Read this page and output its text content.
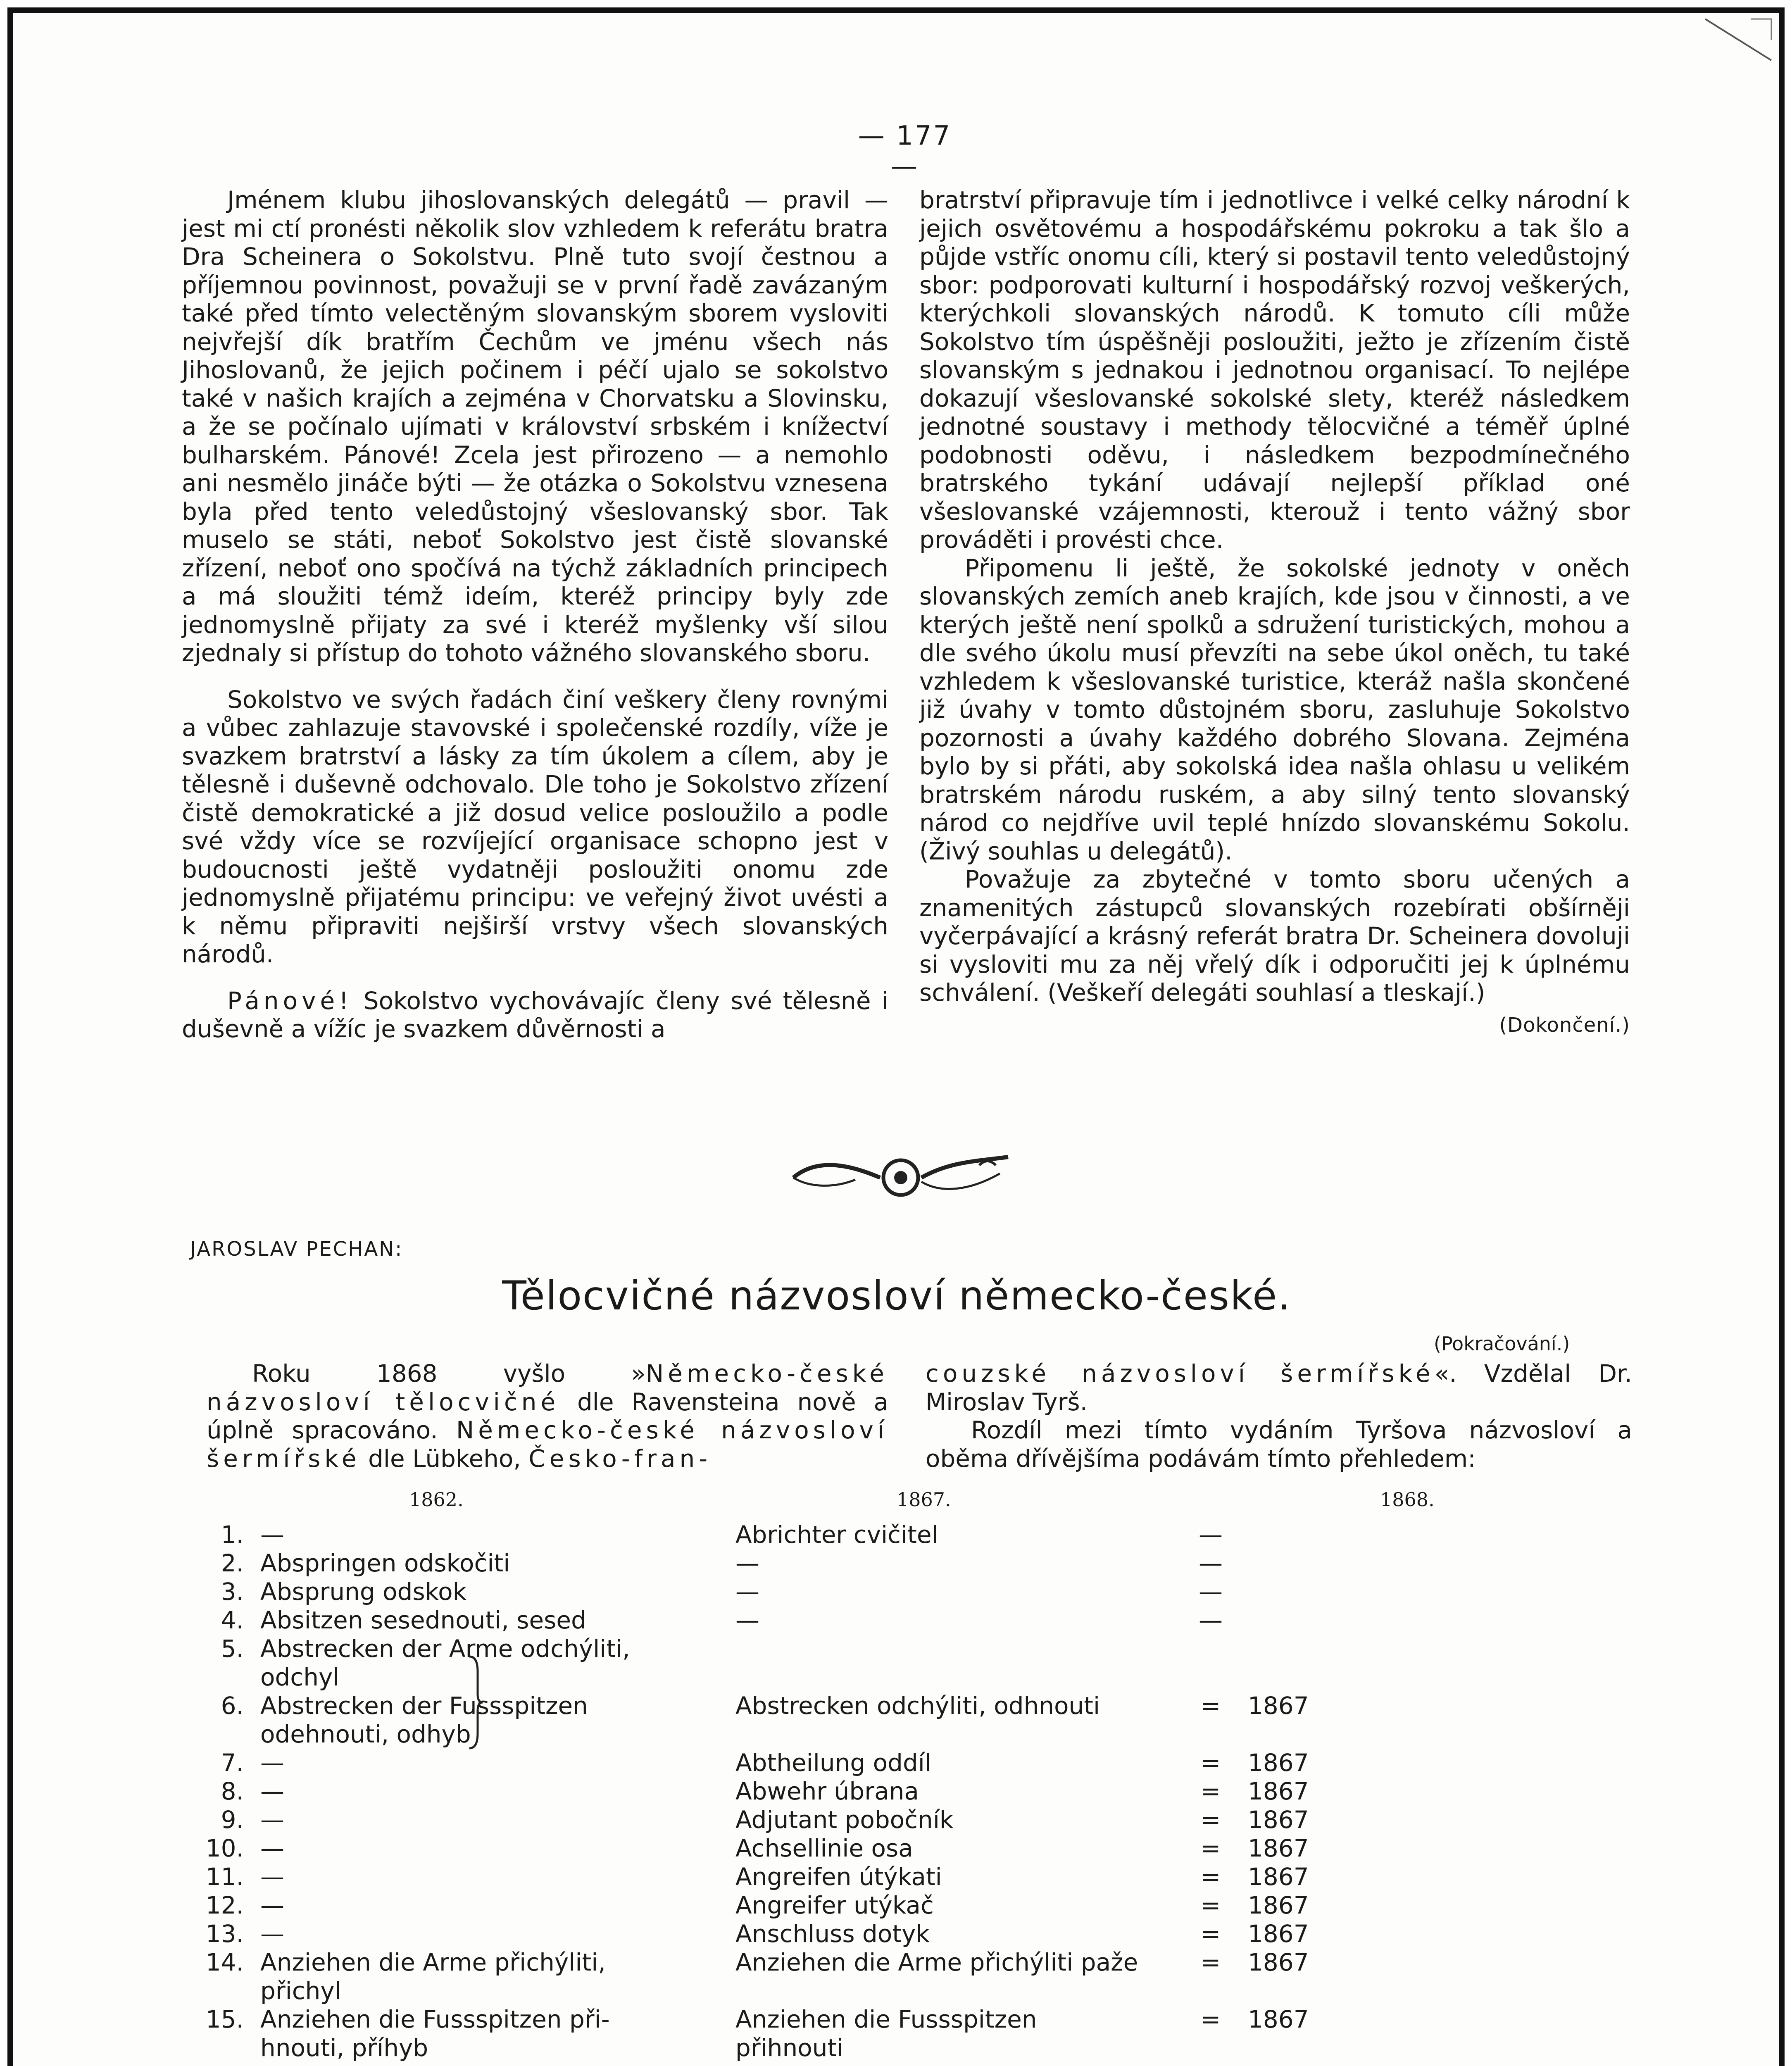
— 177 —

Jménem klubu jihoslovanských delegátů — pravil — jest mi ctí pronésti několik slov vzhledem k referátu bratra Dra Scheinera o Sokolstvu. Plně tuto svojí čestnou a příjemnou povinnost, považuji se v první řadě zavázaným také před tímto velectěným slovanským sborem vysloviti nejvřejší dík bratřím Čechům ve jménu všech nás Jihoslovanů, že jejich počinem i péčí ujalo se sokolstvo také v našich krajích a zejména v Chorvatsku a Slovinsku, a že se počínalo ujímati v království srbském i knížectví bulharském. Pánové! Zcela jest přirozeno — a nemohlo ani nesmělo jináče býti — že otázka o Sokolstvu vznesena byla před tento veledůstojný všeslovanský sbor. Tak muselo se státi, neboť Sokolstvo jest čistě slovanské zřízení, neboť ono spočívá na týchž základních principech a má sloužiti témž ideím, kteréž principy byly zde jednomyslně přijaty za své i kteréž myšlenky vší silou zjednaly si přístup do tohoto vážného slovanského sboru.

Sokolstvo ve svých řadách činí veškery členy rovnými a vůbec zahlazuje stavovské i společenské rozdíly, víže je svazkem bratrství a lásky za tím úkolem a cílem, aby je tělesně i duševně odchovalo. Dle toho je Sokolstvo zřízení čistě demokratické a již dosud velice posloužilo a podle své vždy více se rozvíjející organisace schopno jest v budoucnosti ještě vydatněji posloužiti onomu zde jednomyslně přijatému principu: ve veřejný život uvésti a k němu připraviti nejširší vrstvy všech slovanských národů.

Pánové! Sokolstvo vychovávajíc členy své tělesně i duševně a vížíc je svazkem důvěrnosti a

bratrství připravuje tím i jednotlivce i velké celky národní k jejich osvětovému a hospodářskému pokroku a tak šlo a půjde vstříc onomu cíli, který si postavil tento veledůstojný sbor: podporovati kulturní i hospodářský rozvoj veškerých, kterýchkoli slovanských národů. K tomuto cíli může Sokolstvo tím úspěšněji posloužiti, ježto je zřízením čistě slovanským s jednakou i jednotnou organisací. To nejlépe dokazují všeslovanské sokolské slety, kteréž následkem jednotné soustavy i methody tělocvičné a téměř úplné podobnosti oděvu, i následkem bezpodmínečného bratrského tykání udávají nejlepší příklad oné všeslovanské vzájemnosti, kterouž i tento vážný sbor prováděti i provésti chce.

Připomenu li ještě, že sokolské jednoty v oněch slovanských zemích aneb krajích, kde jsou v činnosti, a ve kterých ještě není spolků a sdružení turistických, mohou a dle svého úkolu musí převzíti na sebe úkol oněch, tu také vzhledem k všeslovanské turistice, kteráž našla skončené již úvahy v tomto důstojném sboru, zasluhuje Sokolstvo pozornosti a úvahy každého dobrého Slovana. Zejména bylo by si přáti, aby sokolská idea našla ohlasu u velikém bratrském národu ruském, a aby silný tento slovanský národ co nejdříve uvil teplé hnízdo slovanskému Sokolu. (Živý souhlas u delegátů).

Považuje za zbytečné v tomto sboru učených a znamenitých zástupců slovanských rozebírati obšírněji vyčerpávající a krásný referát bratra Dr. Scheinera dovoluji si vysloviti mu za něj vřelý dík i odporučiti jej k úplnému schválení. (Veškeří delegáti souhlasí a tleskají.)

(Dokončení.)
JAROSLAV PECHAN:
Tělocvičné názvosloví německo-české.
(Pokračování.)

Roku 1868 vyšlo »Německo-české názvosloví tělocvičné dle Ravensteina nově a úplně spracováno. Německo-české názvosloví šermířské dle Lübkeho, Česko-fran-

couzské názvosloví šermířské«. Vzdělal Dr. Miroslav Tyrš.

Rozdíl mezi tímto vydáním Tyršova názvosloví a oběma dřívějšíma podávám tímto přehledem:

1862.	1867.	1868.
1. —	Abrichter cvičitel	—
2. Abspringen odskočiti	—	—
3. Absprung odskok	—	—
4. Absitzen sesednouti, sesed	—	—
5. Abstrecken der Arme odchýliti,
odchyl
6. Abstrecken der Fussspitzen	Abstrecken odchýliti, odhnouti	=	1867
odehnouti, odhyb
7. —	Abtheilung oddíl	=	1867
8. —	Abwehr úbrana	=	1867
9. —	Adjutant pobočník	=	1867
10. —	Achsellinie osa	=	1867
11. —	Angreifen útýkati	=	1867
12. —	Angreifer utýkač	=	1867
13. —	Anschluss dotyk	=	1867
14. Anziehen die Arme přichýliti,	Anziehen die Arme přichýliti paže	=	1867
přichyl
15. Anziehen die Fussspitzen při-	Anziehen die Fussspitzen	=	1867
hnouti, příhyb	přihnouti
